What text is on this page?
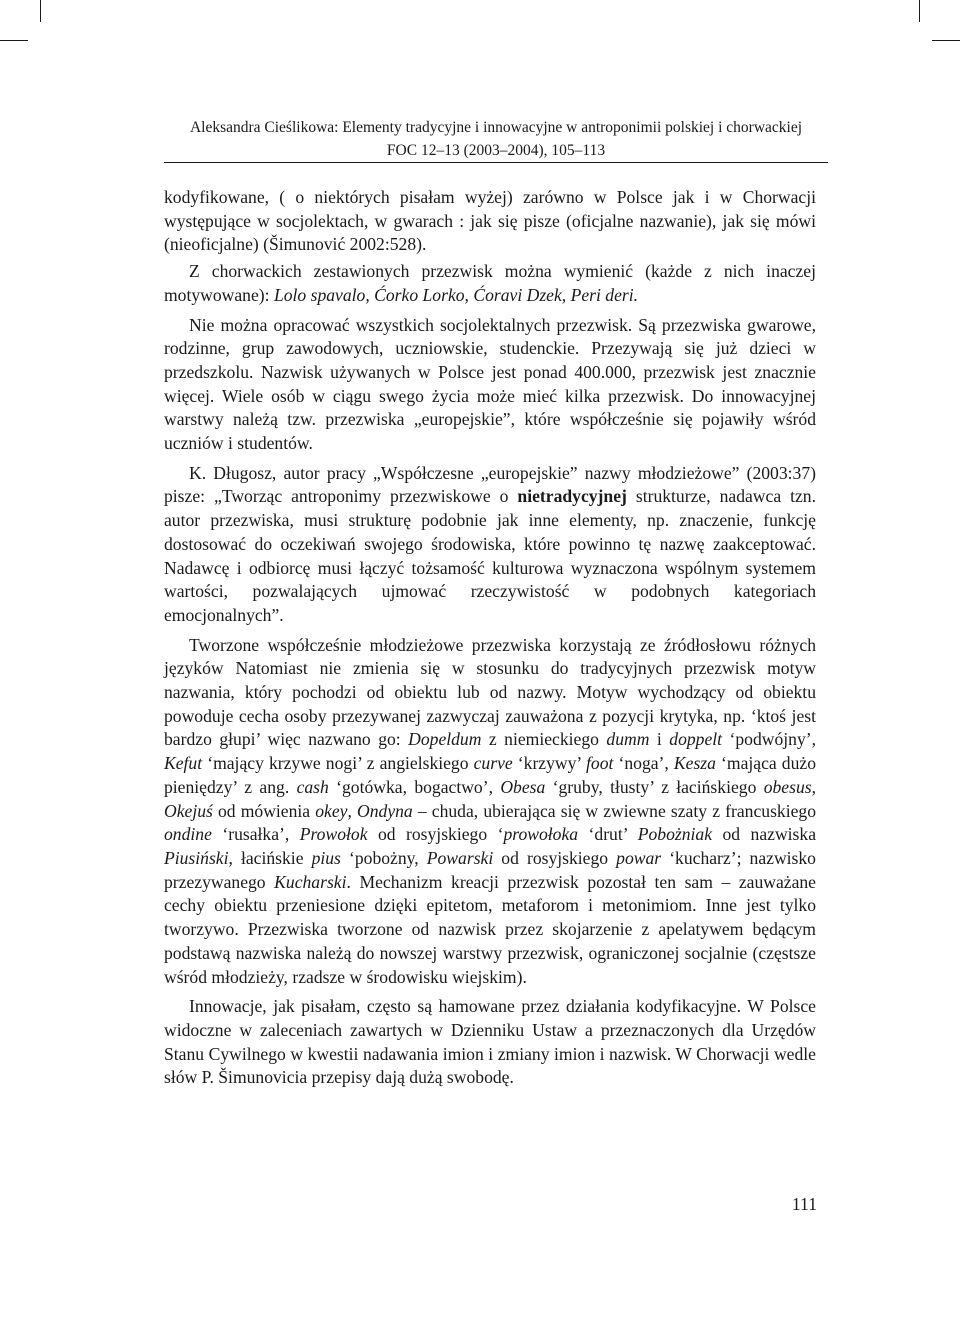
Aleksandra Cieślikowa: Elementy tradycyjne i innowacyjne w antroponimii polskiej i chorwackiej
FOC 12–13 (2003–2004), 105–113

kodyfikowane, ( o niektórych pisałam wyżej) zarówno w Polsce jak i w Chorwacji występujące w socjolektach, w gwarach : jak się pisze (oficjalne nazwanie), jak się mówi (nieoficjalne) (Šimunović 2002:528).

Z chorwackich zestawionych przezwisk można wymienić (każde z nich inaczej motywowane): Lolo spavalo, Ćorko Lorko, Ćoravi Dzek, Peri deri.

Nie można opracować wszystkich socjolektalnych przezwisk. Są przezwiska gwarowe, rodzinne, grup zawodowych, uczniowskie, studenckie. Przezywają się już dzieci w przedszkolu. Nazwisk używanych w Polsce jest ponad 400.000, przezwisk jest znacznie więcej. Wiele osób w ciągu swego życia może mieć kilka przezwisk. Do innowacyjnej warstwy należą tzw. przezwiska „europejskie”, które współcześnie się pojawiły wśród uczniów i studentów.

K. Długosz, autor pracy „Współczesne „europejskie” nazwy młodzieżowe” (2003:37) pisze: „Tworząc antroponimy przezwiskowe o nietradycyjnej strukturze, nadawca tzn. autor przezwiska, musi strukturę podobnie jak inne elementy, np. znaczenie, funkcję dostosować do oczekiwań swojego środowiska, które powinno tę nazwę zaakceptować. Nadawcę i odbiorcę musi łączyć tożsamość kulturowa wyznaczona wspólnym systemem wartości, pozwalających ujmować rzeczywistość w podobnych kategoriach emocjonalnych”.

Tworzone współcześnie młodzieżowe przezwiska korzystają ze źródłosłowu różnych języków Natomiast nie zmienia się w stosunku do tradycyjnych przezwisk motyw nazwania, który pochodzi od obiektu lub od nazwy. Motyw wychodzący od obiektu powoduje cecha osoby przezywanej zazwyczaj zauważona z pozycji krytyka, np. ‘ktoś jest bardzo głupi’ więc nazwano go: Dopeldum z niemieckiego dumm i doppelt ‘podwójny’, Kefut ‘mający krzywe nogi’ z angielskiego curve ‘krzywy’ foot ‘noga’, Kesza ‘mająca dużo pieniędzy’ z ang. cash ‘gotówka, bogactwo’, Obesa ‘gruby, tłusty’ z łacińskiego obesus, Okejuś od mówienia okey, Ondyna – chuda, ubierająca się w zwiewne szaty z francuskiego ondine ‘rusałka’, Prowołok od rosyjskiego ‘prowołoka ‘drut’ Pobożniak od nazwiska Piusiński, łacińskie pius ‘pobożny, Powarski od rosyjskiego powar ‘kucharz’; nazwisko przezywanego Kucharski. Mechanizm kreacji przezwisk pozostał ten sam – zauważane cechy obiektu przeniesione dzięki epitetom, metaforom i metonimiom. Inne jest tylko tworzywo. Przezwiska tworzone od nazwisk przez skojarzenie z apelatywem będącym podstawą nazwiska należą do nowszej warstwy przezwisk, ograniczonej socjalnie (częstsze wśród młodzieży, rzadsze w środowisku wiejskim).

Innowacje, jak pisałam, często są hamowane przez działania kodyfikacyjne. W Polsce widoczne w zaleceniach zawartych w Dzienniku Ustaw a przeznaczonych dla Urzędów Stanu Cywilnego w kwestii nadawania imion i zmiany imion i nazwisk. W Chorwacji wedle słów P. Šimunovicia przepisy dają dużą swobodę.

111
